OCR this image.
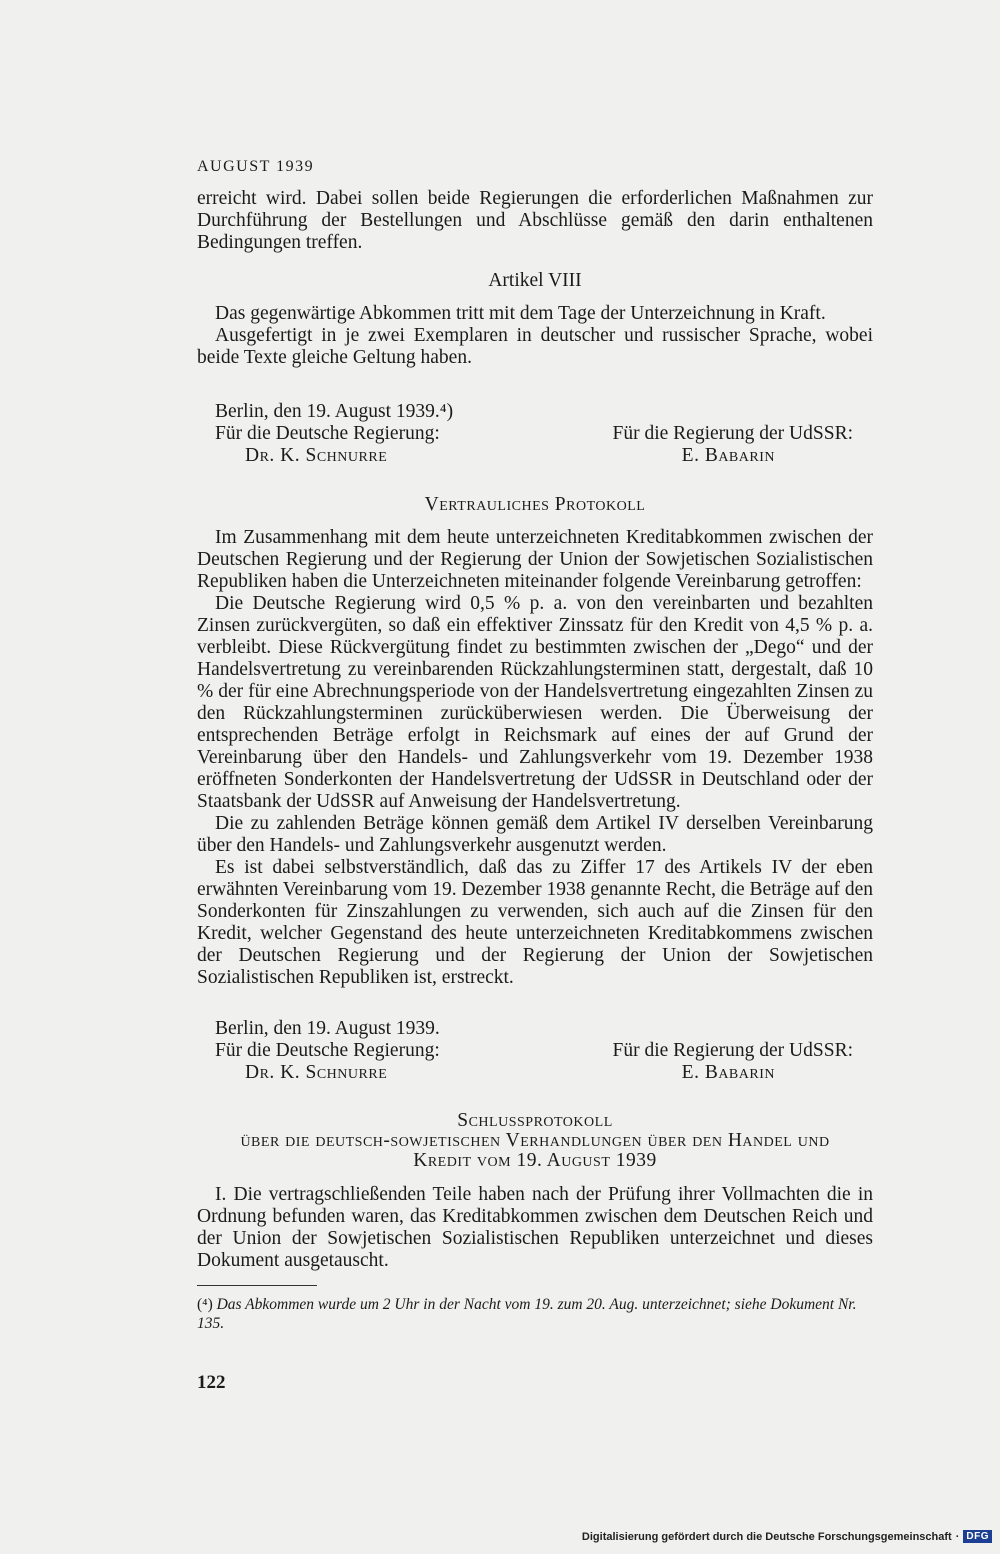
AUGUST 1939

erreicht wird. Dabei sollen beide Regierungen die erforderlichen Maßnahmen zur Durchführung der Bestellungen und Abschlüsse gemäß den darin enthaltenen Bedingungen treffen.

Artikel VIII

Das gegenwärtige Abkommen tritt mit dem Tage der Unterzeichnung in Kraft.

Ausgefertigt in je zwei Exemplaren in deutscher und russischer Sprache, wobei beide Texte gleiche Geltung haben.

Berlin, den 19. August 1939.⁴)
Für die Deutsche Regierung:	Für die Regierung der UdSSR:
Dr. K. Schnurre	E. Babarin
Vertrauliches Protokoll

Im Zusammenhang mit dem heute unterzeichneten Kreditabkommen zwischen der Deutschen Regierung und der Regierung der Union der Sowjetischen Sozialistischen Republiken haben die Unterzeichneten miteinander folgende Vereinbarung getroffen:

Die Deutsche Regierung wird 0,5 % p. a. von den vereinbarten und bezahlten Zinsen zurückvergüten, so daß ein effektiver Zinssatz für den Kredit von 4,5 % p. a. verbleibt. Diese Rückvergütung findet zu bestimmten zwischen der „Dego“ und der Handelsvertretung zu vereinbarenden Rückzahlungsterminen statt, dergestalt, daß 10 % der für eine Abrechnungsperiode von der Handelsvertretung eingezahlten Zinsen zu den Rückzahlungsterminen zurücküberwiesen werden. Die Überweisung der entsprechenden Beträge erfolgt in Reichsmark auf eines der auf Grund der Vereinbarung über den Handels- und Zahlungsverkehr vom 19. Dezember 1938 eröffneten Sonderkonten der Handelsvertretung der UdSSR in Deutschland oder der Staatsbank der UdSSR auf Anweisung der Handelsvertretung.

Die zu zahlenden Beträge können gemäß dem Artikel IV derselben Vereinbarung über den Handels- und Zahlungsverkehr ausgenutzt werden.

Es ist dabei selbstverständlich, daß das zu Ziffer 17 des Artikels IV der eben erwähnten Vereinbarung vom 19. Dezember 1938 genannte Recht, die Beträge auf den Sonderkonten für Zinszahlungen zu verwenden, sich auch auf die Zinsen für den Kredit, welcher Gegenstand des heute unterzeichneten Kreditabkommens zwischen der Deutschen Regierung und der Regierung der Union der Sowjetischen Sozialistischen Republiken ist, erstreckt.

Berlin, den 19. August 1939.
Für die Deutsche Regierung:	Für die Regierung der UdSSR:
Dr. K. Schnurre	E. Babarin
Schlussprotokoll
über die deutsch-sowjetischen Verhandlungen über den Handel und
Kredit vom 19. August 1939

I. Die vertragschließenden Teile haben nach der Prüfung ihrer Vollmachten die in Ordnung befunden waren, das Kreditabkommen zwischen dem Deutschen Reich und der Union der Sowjetischen Sozialistischen Republiken unterzeichnet und dieses Dokument ausgetauscht.

(⁴) Das Abkommen wurde um 2 Uhr in der Nacht vom 19. zum 20. Aug. unterzeichnet; siehe Dokument Nr. 135.
122
Digitalisierung gefördert durch die Deutsche Forschungsgemeinschaft · DFG
